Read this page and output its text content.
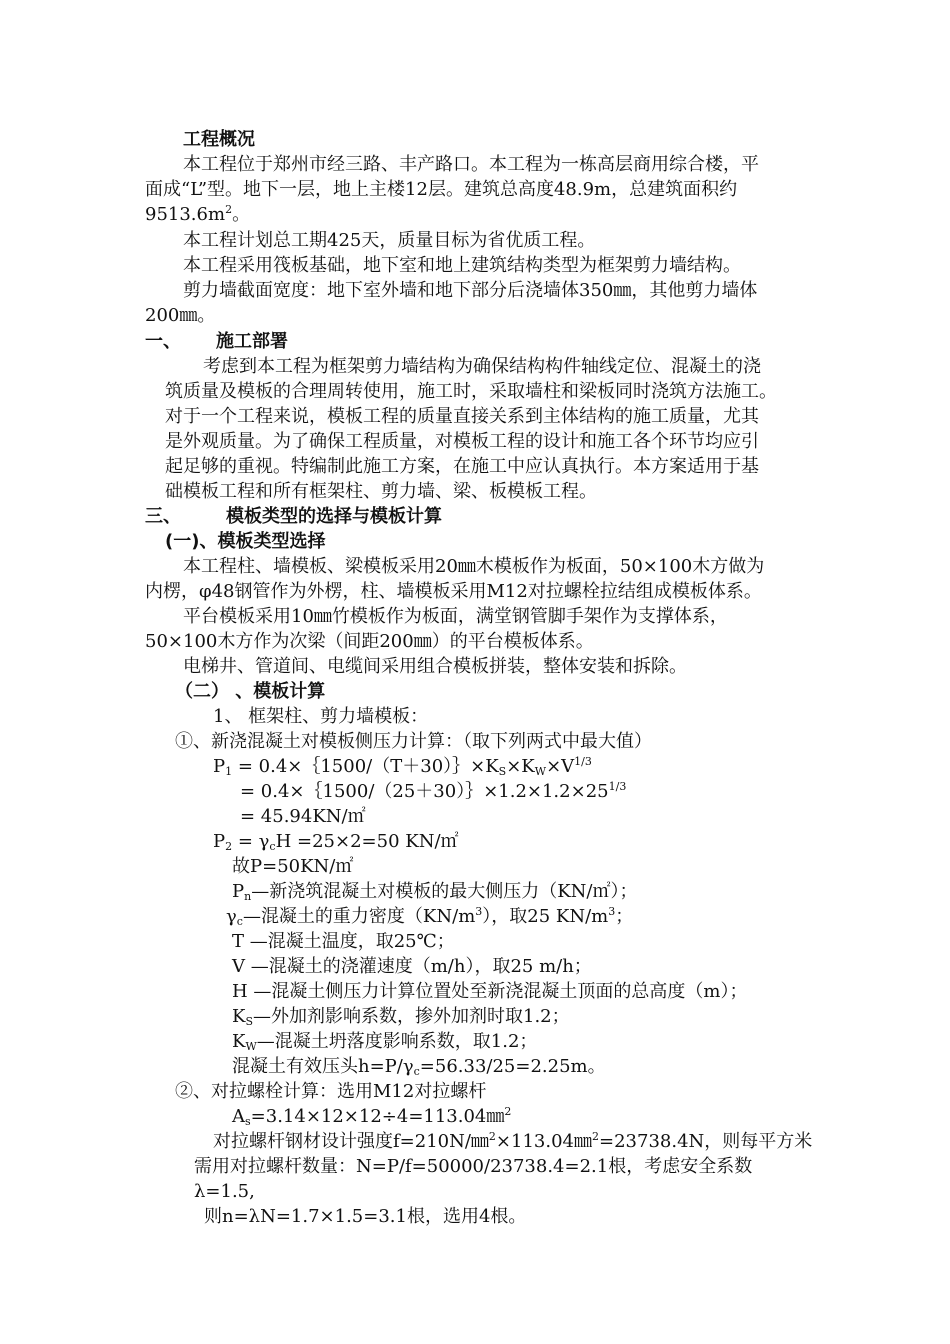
工程概况
本工程位于郑州市经三路、丰产路口。本工程为一栋高层商用综合楼，平
面成“L”型。地下一层，地上主楼12层。建筑总高度48.9m，总建筑面积约
$9513.6m^2$。
本工程计划总工期425天，质量目标为省优质工程。
本工程采用筏板基础，地下室和地上建筑结构类型为框架剪力墙结构。
剪力墙截面宽度：地下室外墙和地下部分后浇墙体350㎜，其他剪力墙体
200㎜。
一、 施工部署
考虑到本工程为框架剪力墙结构为确保结构构件轴线定位、混凝土的浇
筑质量及模板的合理周转使用，施工时，采取墙柱和梁板同时浇筑方法施工。
对于一个工程来说，模板工程的质量直接关系到主体结构的施工质量，尤其
是外观质量。为了确保工程质量，对模板工程的设计和施工各个环节均应引
起足够的重视。特编制此施工方案，在施工中应认真执行。本方案适用于基
础模板工程和所有框架柱、剪力墙、梁、板模板工程。
三、	模板类型的选择与模板计算
(一)、模板类型选择
本工程柱、墙模板、梁模板采用20㎜木模板作为板面，50×100木方做为
内楞，φ48钢管作为外楞，柱、墙模板采用M12对拉螺栓拉结组成模板体系。
平台模板采用10㎜竹模板作为板面，满堂钢管脚手架作为支撑体系，
50×100木方作为次梁（间距200㎜）的平台模板体系。
电梯井、管道间、电缆间采用组合模板拼装，整体安装和拆除。
（二） 、模板计算
1、 框架柱、剪力墙模板：
①、新浇混凝土对模板侧压力计算：（取下列两式中最大值）
$P_1$ = $0.4\times\{1500/(T+30)\}\times K_S\times K_W\times V^{1/3}$
= $0.4\times\{1500/(25+30)\}\times 1.2\times 1.2\times 25^{1/3}$
= 45.94KN/㎡
$P_2 = \gamma_cH =25\times 2=50$ KN/㎡
故P=50KN/㎡
$P_n—$新浇筑混凝土对模板的最大侧压力（KN/㎡）；
$\gamma_c—$混凝土的重力密度$(KN/m^3)$，取25 $KN/m^3$；
T —混凝土温度，取25℃；
V —混凝土的浇灌速度（m/h），取25 m/h；
H —混凝土侧压力计算位置处至新浇混凝土顶面的总高度（m）；
$K_S—$外加剂影响系数，掺外加剂时取1.2；
$K_W—$混凝土坍落度影响系数，取1.2；
混凝土有效压头$h=P/\gamma_c=56.33/25=2.25m$。
②、对拉螺栓计算：选用M12对拉螺杆
$A_s=3.14\times 12\times 12\div 4=113.04㎜^2$
对拉螺杆钢材设计强度f=210N/㎜$^2$×113.04㎜$^2$=23738.4N，则每平方米
需用对拉螺杆数量：N=P/f=50000/23738.4=2.1根，考虑安全系数
λ=1.5,
则n=λN=1.7×1.5=3.1根，选用4根。
